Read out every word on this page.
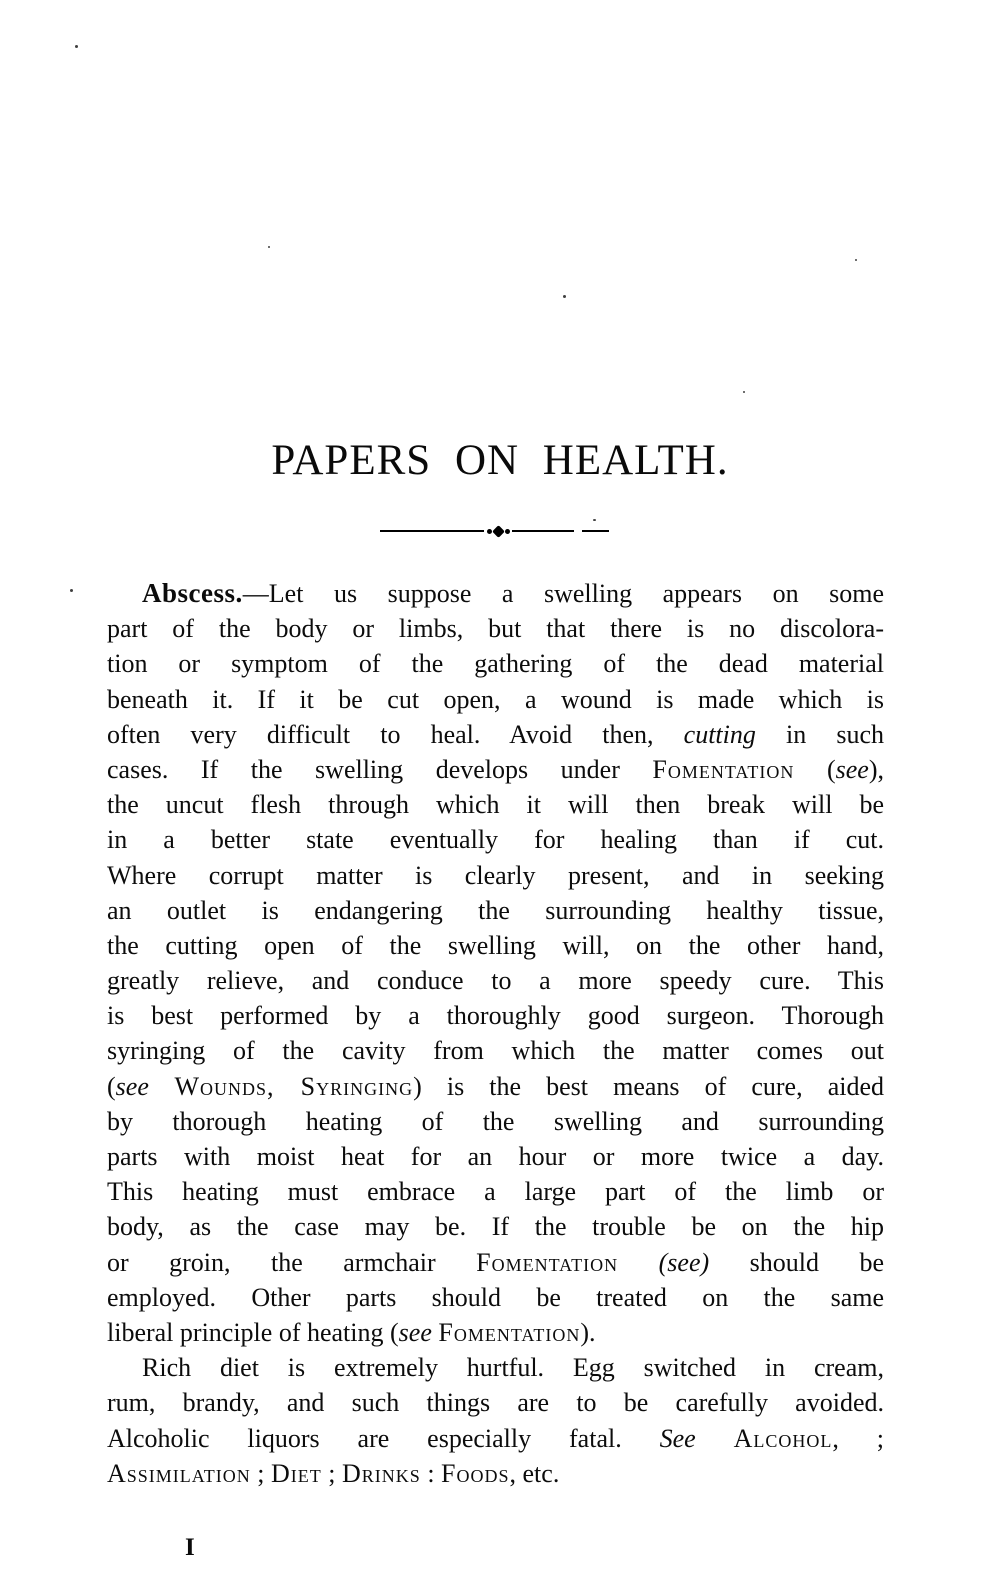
PAPERS ON HEALTH.
Abscess.—Let us suppose a swelling appears on some
part of the body or limbs, but that there is no discolora-
tion or symptom of the gathering of the dead material
beneath it. If it be cut open, a wound is made which is
often very difficult to heal. Avoid then, cutting in such
cases. If the swelling develops under Fomentation (see),
the uncut flesh through which it will then break will be
in a better state eventually for healing than if cut.
Where corrupt matter is clearly present, and in seeking
an outlet is endangering the surrounding healthy tissue,
the cutting open of the swelling will, on the other hand,
greatly relieve, and conduce to a more speedy cure. This
is best performed by a thoroughly good surgeon. Thorough
syringing of the cavity from which the matter comes out
(see Wounds, Syringing) is the best means of cure, aided
by thorough heating of the swelling and surrounding
parts with moist heat for an hour or more twice a day.
This heating must embrace a large part of the limb or
body, as the case may be. If the trouble be on the hip
or groin, the armchair Fomentation (see) should be
employed. Other parts should be treated on the same
liberal principle of heating (see Fomentation).
Rich diet is extremely hurtful. Egg switched in cream,
rum, brandy, and such things are to be carefully avoided.
Alcoholic liquors are especially fatal. See Alcohol, ;
Assimilation ; Diet ; Drinks : Foods, etc.
I
